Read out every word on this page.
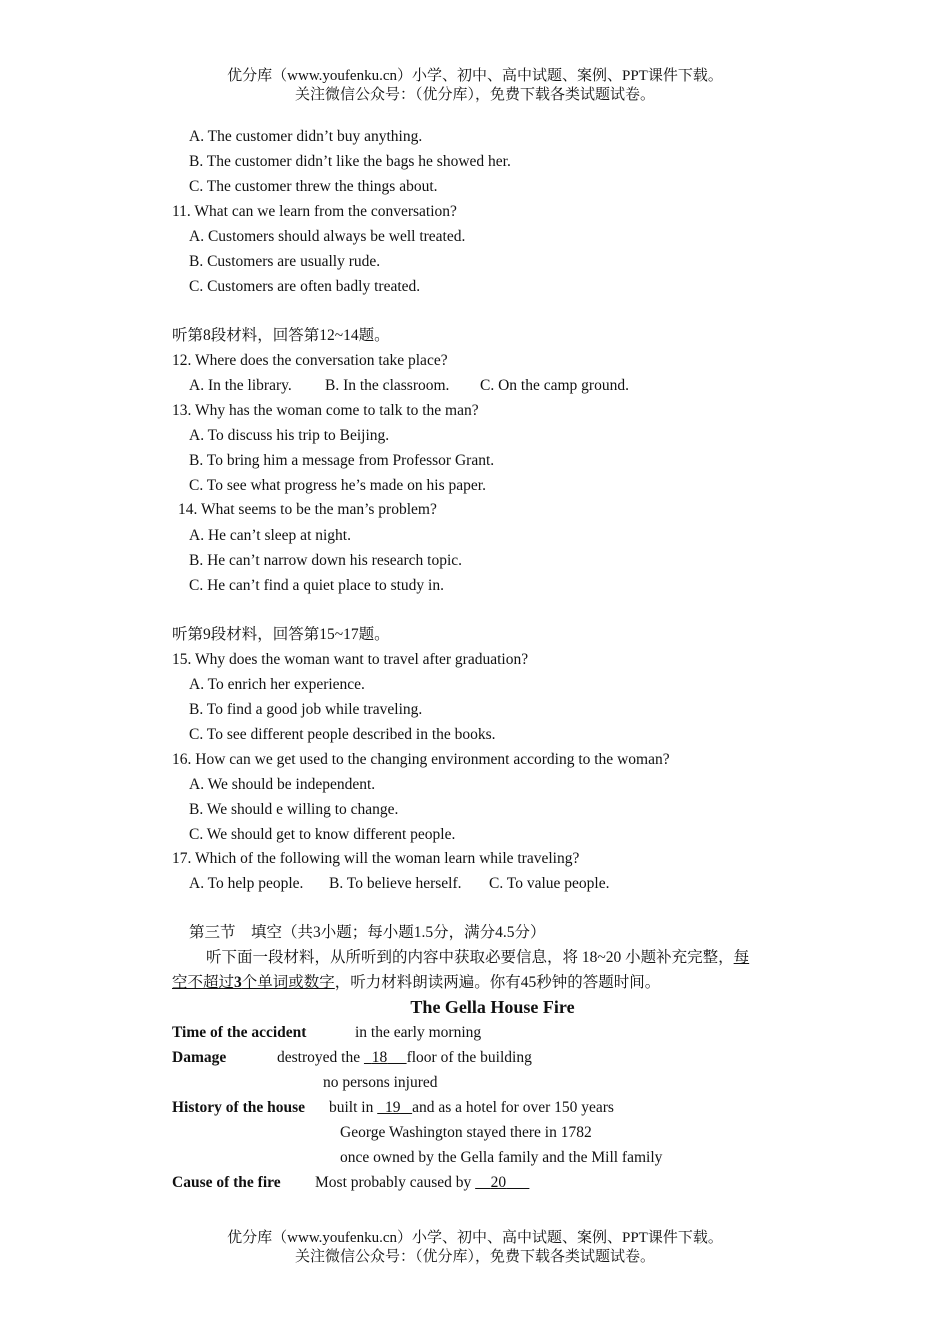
优分库（www.youfenku.cn）小学、初中、高中试题、案例、PPT课件下载。
关注微信公众号：（优分库），免费下载各类试题试卷。
A. The customer didn’t buy anything.
B. The customer didn’t like the bags he showed her.
C. The customer threw the things about.
11. What can we learn from the conversation?
A. Customers should always be well treated.
B. Customers are usually rude.
C. Customers are often badly treated.
听第8段材料，回答第12~14题。
12. Where does the conversation take place?
A. In the library. B. In the classroom. C. On the camp ground.
13. Why has the woman come to talk to the man?
A. To discuss his trip to Beijing.
B. To bring him a message from Professor Grant.
C. To see what progress he’s made on his paper.
14. What seems to be the man’s problem?
A. He can’t sleep at night.
B. He can’t narrow down his research topic.
C. He can’t find a quiet place to study in.
听第9段材料，回答第15~17题。
15. Why does the woman want to travel after graduation?
A. To enrich her experience.
B. To find a good job while traveling.
C. To see different people described in the books.
16. How can we get used to the changing environment according to the woman?
A. We should be independent.
B. We should e willing to change.
C. We should get to know different people.
17. Which of the following will the woman learn while traveling?
A. To help people. B. To believe herself. C. To value people.
第三节    填空（共3小题；每小题1.5分，满分4.5分）
听下面一段材料，从所听到的内容中获取必要信息，将 18~20 小题补充完整，每
空不超过3个单词或数字，听力材料朗读两遍。你有45秒钟的答题时间。
The Gella House Fire
Time of the accident	in the early morning
Damage	destroyed the   18 floor of the building
no persons injured
History of the house built in   19 and as a hotel for over 150 years
George Washington stayed there in 1782
once owned by the Gella family and the Mill family
Cause of the fire Most probably caused by     20
优分库（www.youfenku.cn）小学、初中、高中试题、案例、PPT课件下载。
关注微信公众号：（优分库），免费下载各类试题试卷。
